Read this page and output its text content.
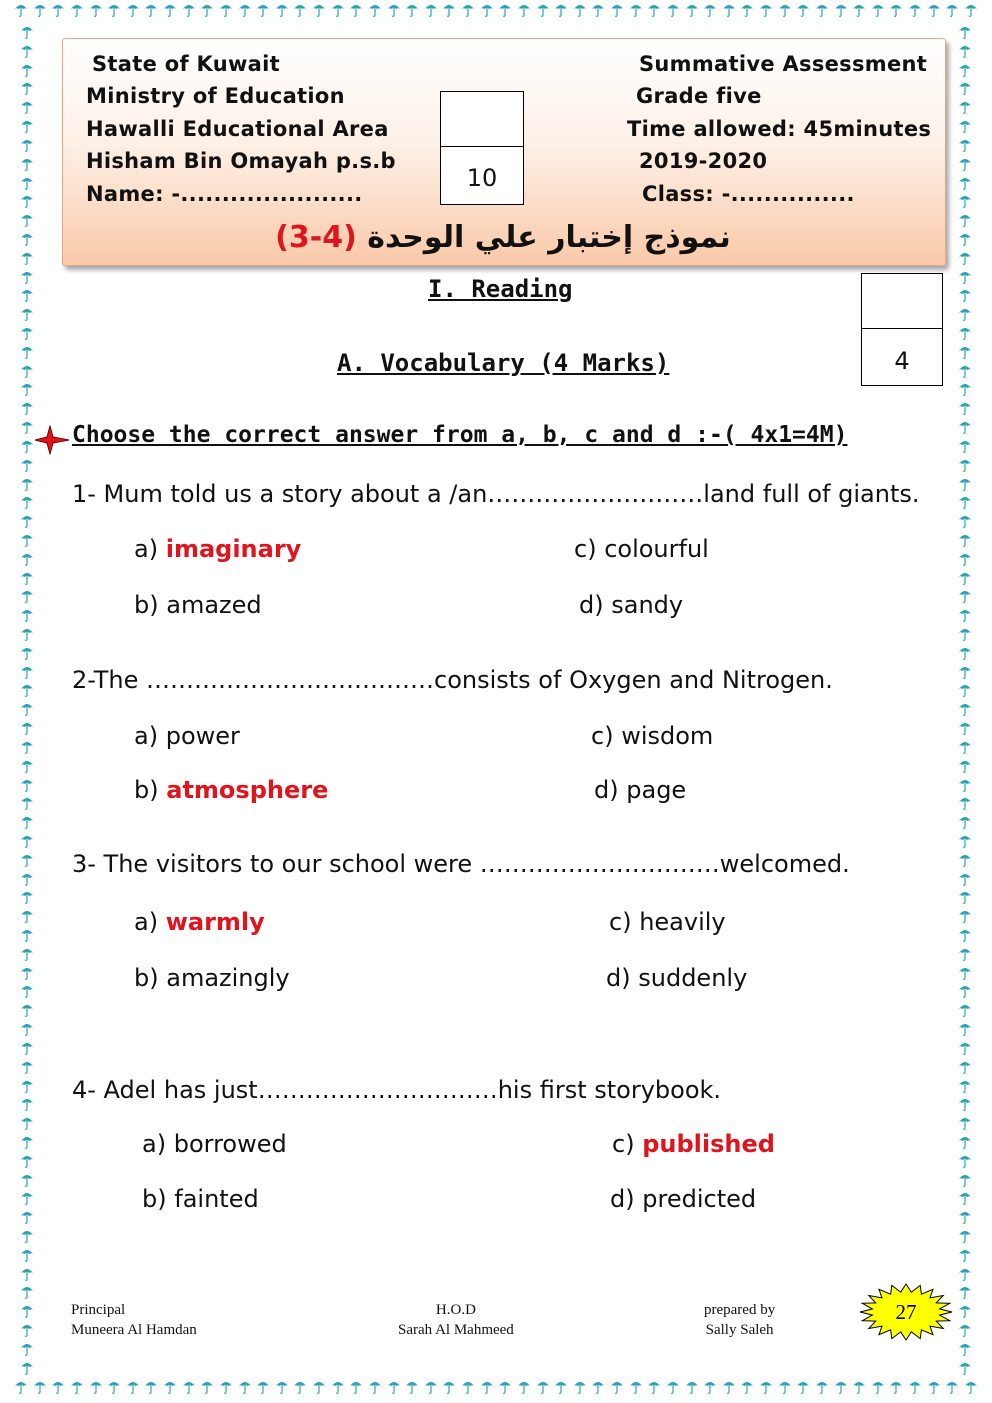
State of Kuwait
Ministry of Education
Hawalli Educational Area
Hisham Bin Omayah p.s.b
Name: -......................
Summative Assessment
Grade five
Time allowed: 45minutes
2019-2020
Class: -...............
10
نموذج إختبار علي الوحدة (4-3)
I. Reading
A. Vocabulary (4 Marks)	4
Choose the correct answer from a, b, c and d :-( 4x1=4M)
1- Mum told us a story about a ∕an………………………land full of giants.
a) imaginary
b) amazed
c) colourful
d) sandy
2-The ………………………………consists of Oxygen and Nitrogen.
a) power
b) atmosphere
c) wisdom
d) page
3- The visitors to our school were …………………………welcomed.
a) warmly
b) amazingly
c) heavily
d) suddenly
4- Adel has just…………………………his first storybook.
a) borrowed
b) fainted
c) published
d) predicted
Principal
Muneera Al Hamdan
H.O.D
Sarah Al Mahmeed
prepared by
Sally Saleh
27
